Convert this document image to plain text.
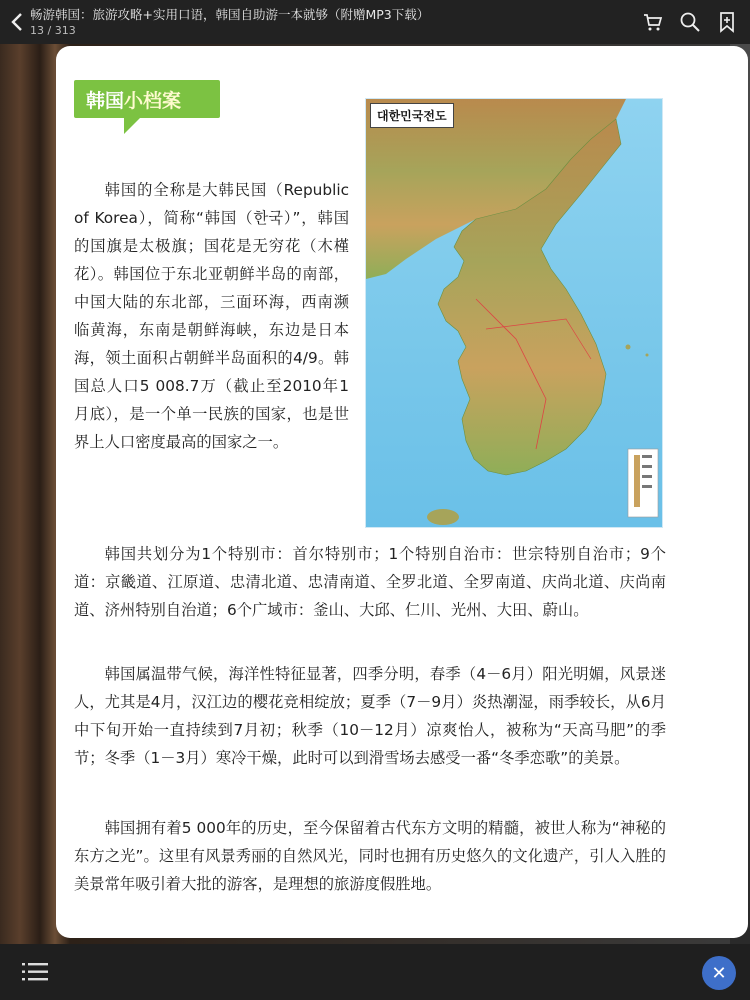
畅游韩国：旅游攻略+实用口语，韩国自助游一本就够（附赠MP3下载）
13 / 313
韩国小档案
대한민국전도
韩国的全称是大韩民国（Republic of Korea），简称“韩国（한국）”，韩国的国旗是太极旗；国花是无穷花（木槿花）。韩国位于东北亚朝鲜半岛的南部，中国大陆的东北部，三面环海，西南濒临黄海，东南是朝鲜海峡，东边是日本海，领土面积占朝鲜半岛面积的4/9。韩国总人口5 008.7万（截止至2010年1月底），是一个单一民族的国家，也是世界上人口密度最高的国家之一。
韩国共划分为1个特别市：首尔特别市；1个特别自治市：世宗特别自治市；9个道：京畿道、江原道、忠清北道、忠清南道、全罗北道、全罗南道、庆尚北道、庆尚南道、济州特别自治道；6个广域市：釜山、大邱、仁川、光州、大田、蔚山。
韩国属温带气候，海洋性特征显著，四季分明，春季（4－6月）阳光明媚，风景迷人，尤其是4月，汉江边的樱花竞相绽放；夏季（7－9月）炎热潮湿，雨季较长，从6月中下旬开始一直持续到7月初；秋季（10－12月）凉爽怡人，被称为“天高马肥”的季节；冬季（1－3月）寒冷干燥，此时可以到滑雪场去感受一番“冬季恋歌”的美景。
韩国拥有着5 000年的历史，至今保留着古代东方文明的精髓，被世人称为“神秘的东方之光”。这里有风景秀丽的自然风光，同时也拥有历史悠久的文化遗产，引人入胜的美景常年吸引着大批的游客，是理想的旅游度假胜地。
✕
